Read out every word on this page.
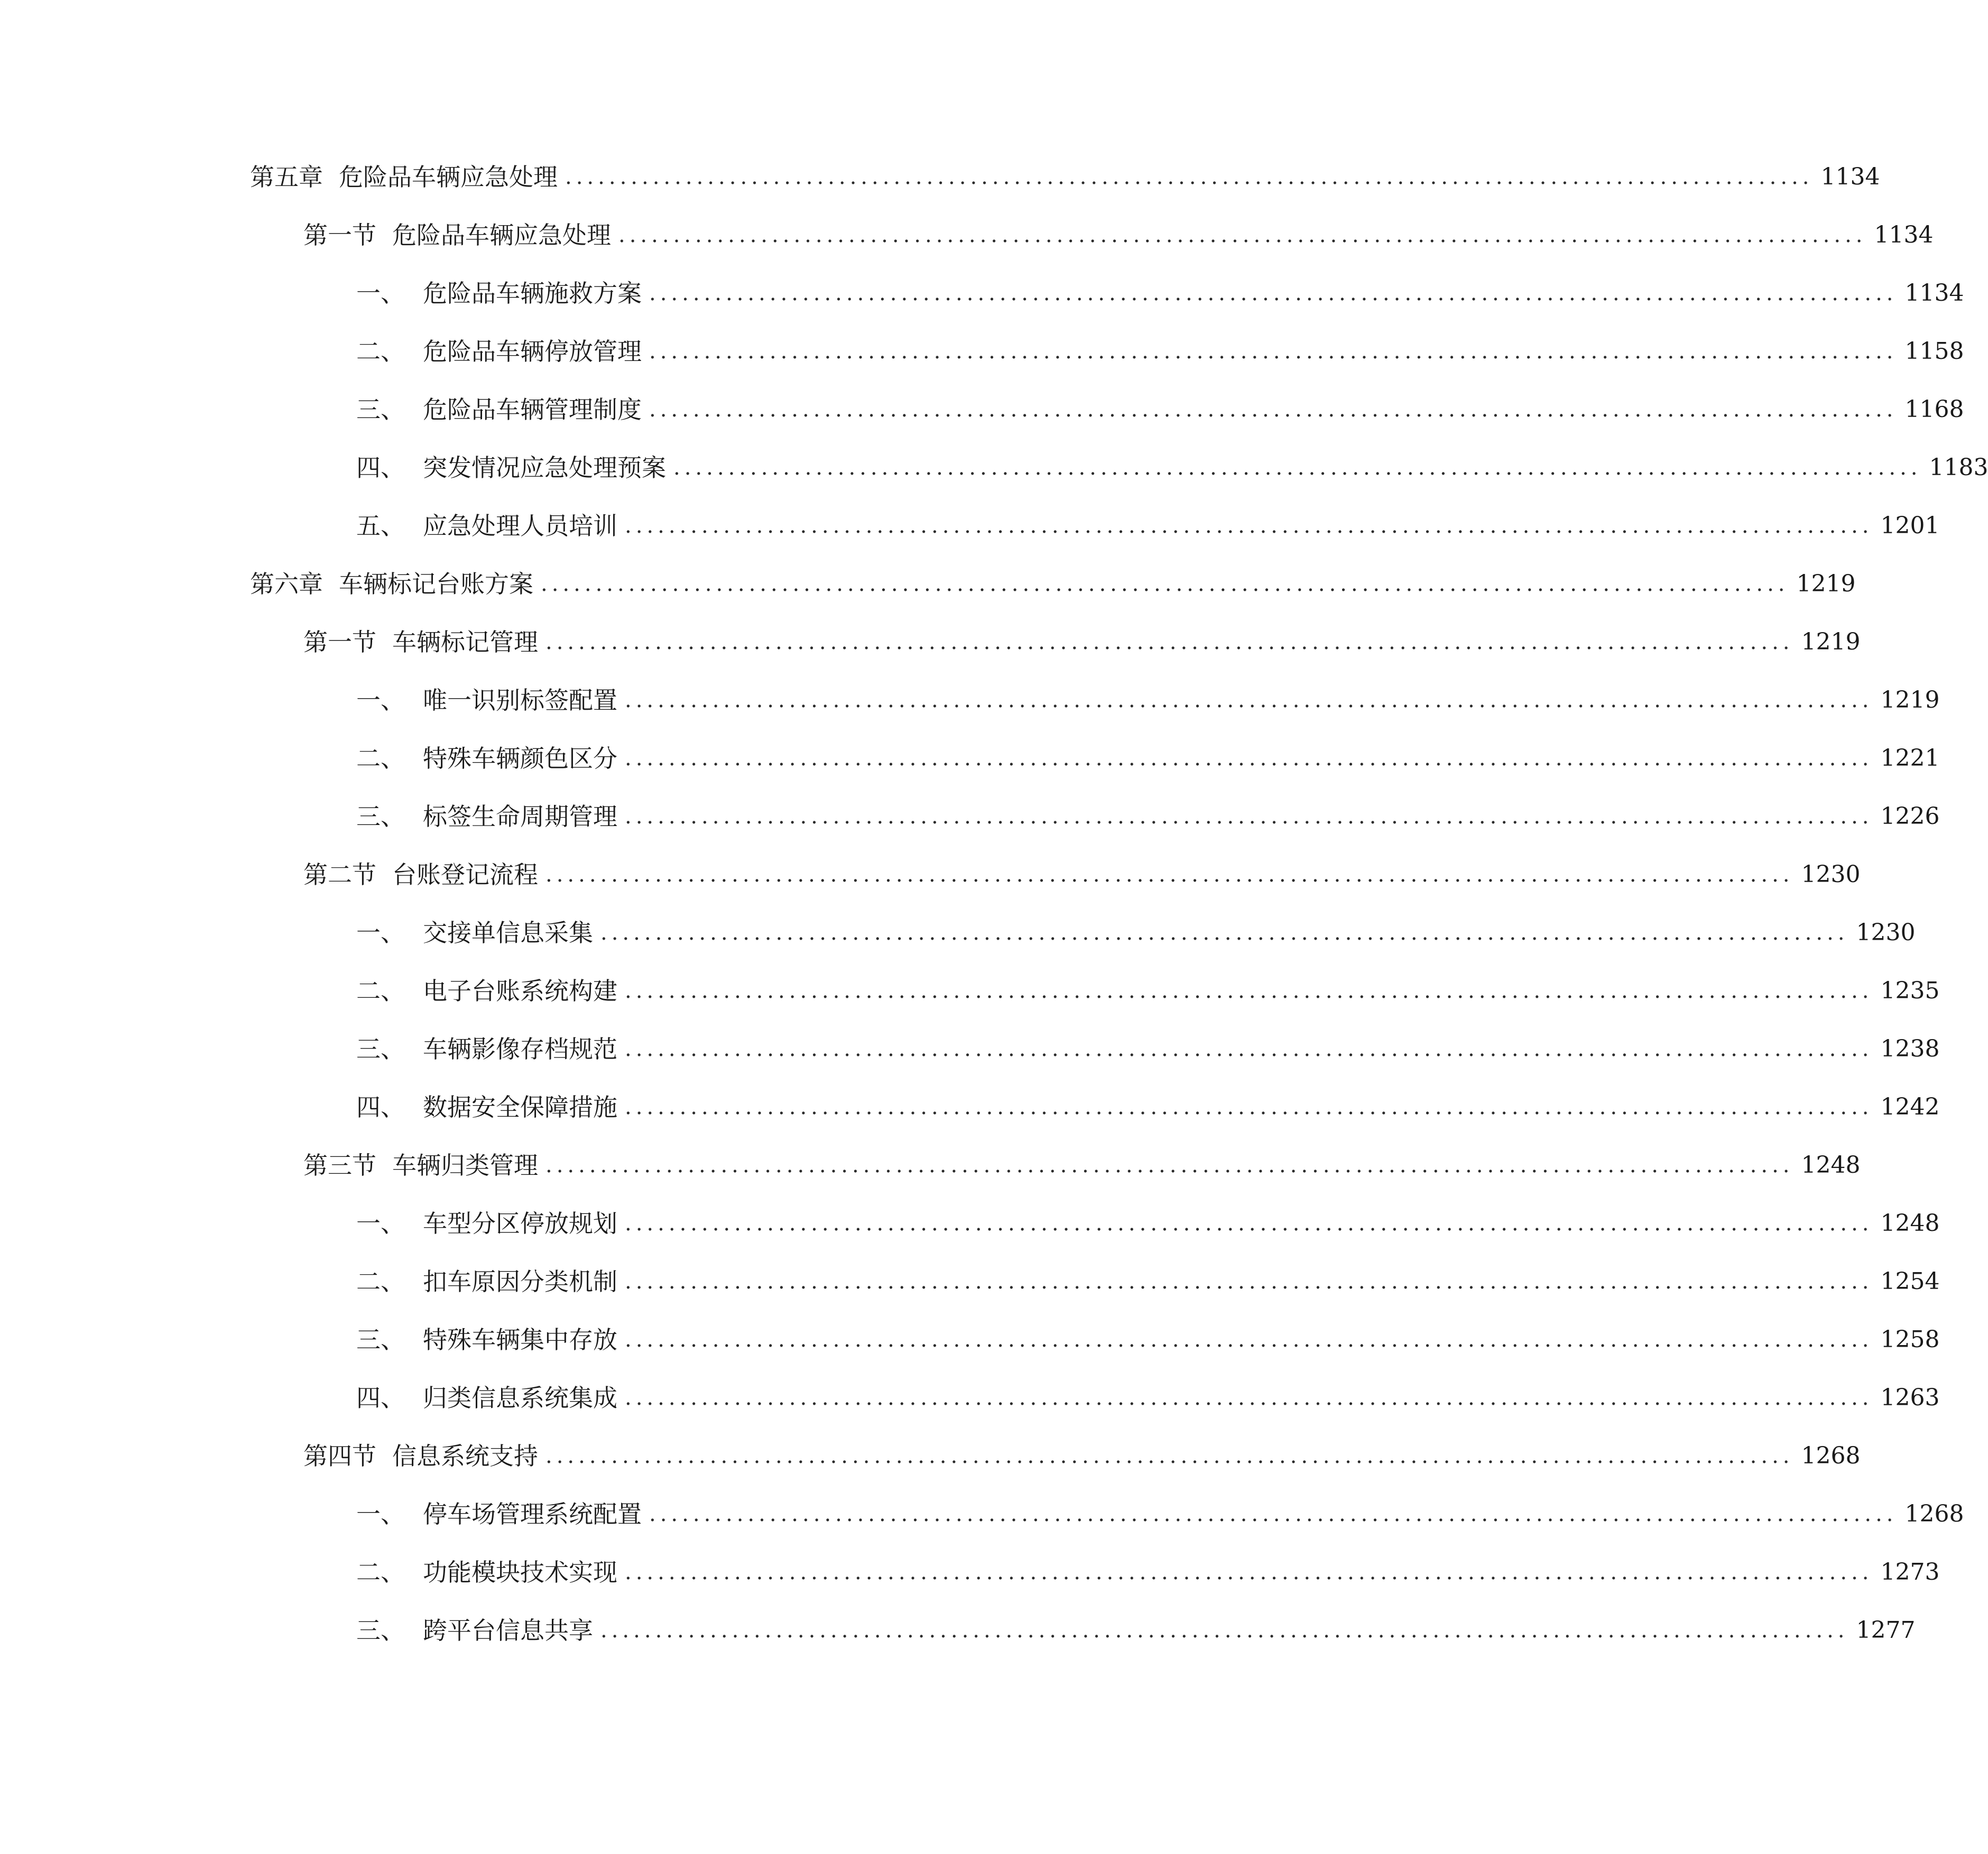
第五章 危险品车辆应急处理 .................................................................................................................. 1134
第一节 危险品车辆应急处理 .................................................................................................................. 1134
一、 危险品车辆施救方案 .................................................................................................................. 1134
二、 危险品车辆停放管理 .................................................................................................................. 1158
三、 危险品车辆管理制度 .................................................................................................................. 1168
四、 突发情况应急处理预案 .................................................................................................................. 1183
五、 应急处理人员培训 .................................................................................................................. 1201
第六章 车辆标记台账方案 .................................................................................................................. 1219
第一节 车辆标记管理 .................................................................................................................. 1219
一、 唯一识别标签配置 .................................................................................................................. 1219
二、 特殊车辆颜色区分 .................................................................................................................. 1221
三、 标签生命周期管理 .................................................................................................................. 1226
第二节 台账登记流程 .................................................................................................................. 1230
一、 交接单信息采集 .................................................................................................................. 1230
二、 电子台账系统构建 .................................................................................................................. 1235
三、 车辆影像存档规范 .................................................................................................................. 1238
四、 数据安全保障措施 .................................................................................................................. 1242
第三节 车辆归类管理 .................................................................................................................. 1248
一、 车型分区停放规划 .................................................................................................................. 1248
二、 扣车原因分类机制 .................................................................................................................. 1254
三、 特殊车辆集中存放 .................................................................................................................. 1258
四、 归类信息系统集成 .................................................................................................................. 1263
第四节 信息系统支持 .................................................................................................................. 1268
一、 停车场管理系统配置 .................................................................................................................. 1268
二、 功能模块技术实现 .................................................................................................................. 1273
三、 跨平台信息共享 .................................................................................................................. 1277
